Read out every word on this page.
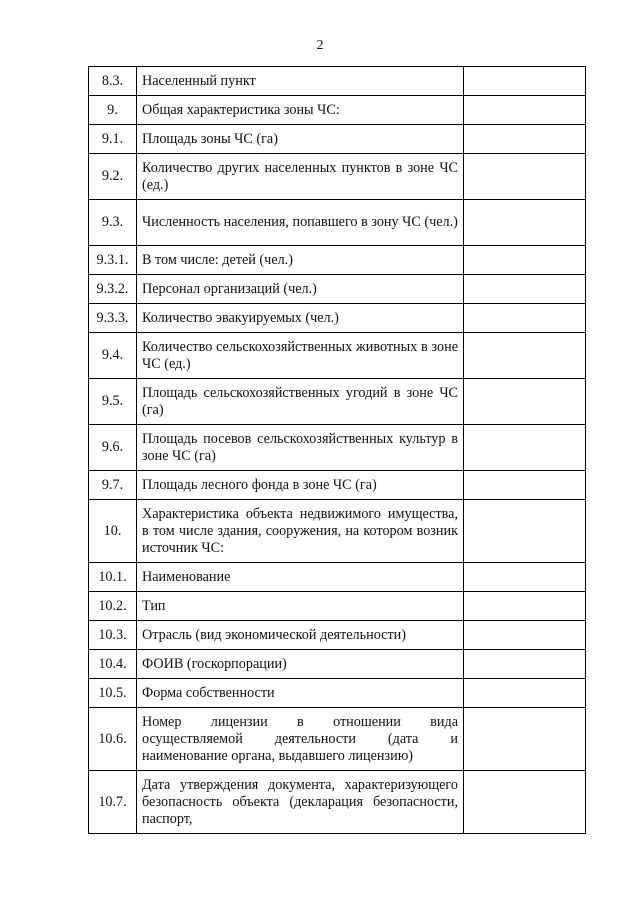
2
8.3.	Населенный пункт	
9.	Общая характеристика зоны ЧС:	
9.1.	Площадь зоны ЧС (га)	
9.2.	Количество других населенных пунктов в зоне ЧС (ед.)	
9.3.	Численность населения, попавшего в зону ЧС (чел.)	
9.3.1.	В том числе: детей (чел.)	
9.3.2.	Персонал организаций (чел.)	
9.3.3.	Количество эвакуируемых (чел.)	
9.4.	Количество сельскохозяйственных животных в зоне ЧС (ед.)	
9.5.	Площадь сельскохозяйственных угодий в зоне ЧС (га)	
9.6.	Площадь посевов сельскохозяйственных культур в зоне ЧС (га)	
9.7.	Площадь лесного фонда в зоне ЧС (га)	
10.	Характеристика объекта недвижимого имущества, в том числе здания, сооружения, на котором возник источник ЧС:	
10.1.	Наименование	
10.2.	Тип	
10.3.	Отрасль (вид экономической деятельности)	
10.4.	ФОИВ (госкорпорации)	
10.5.	Форма собственности	
10.6.	Номер лицензии в отношении вида осуществляемой деятельности (дата и наименование органа, выдавшего лицензию)	
10.7.	Дата утверждения документа, характеризующего безопасность объекта (декларация безопасности, паспорт,	
